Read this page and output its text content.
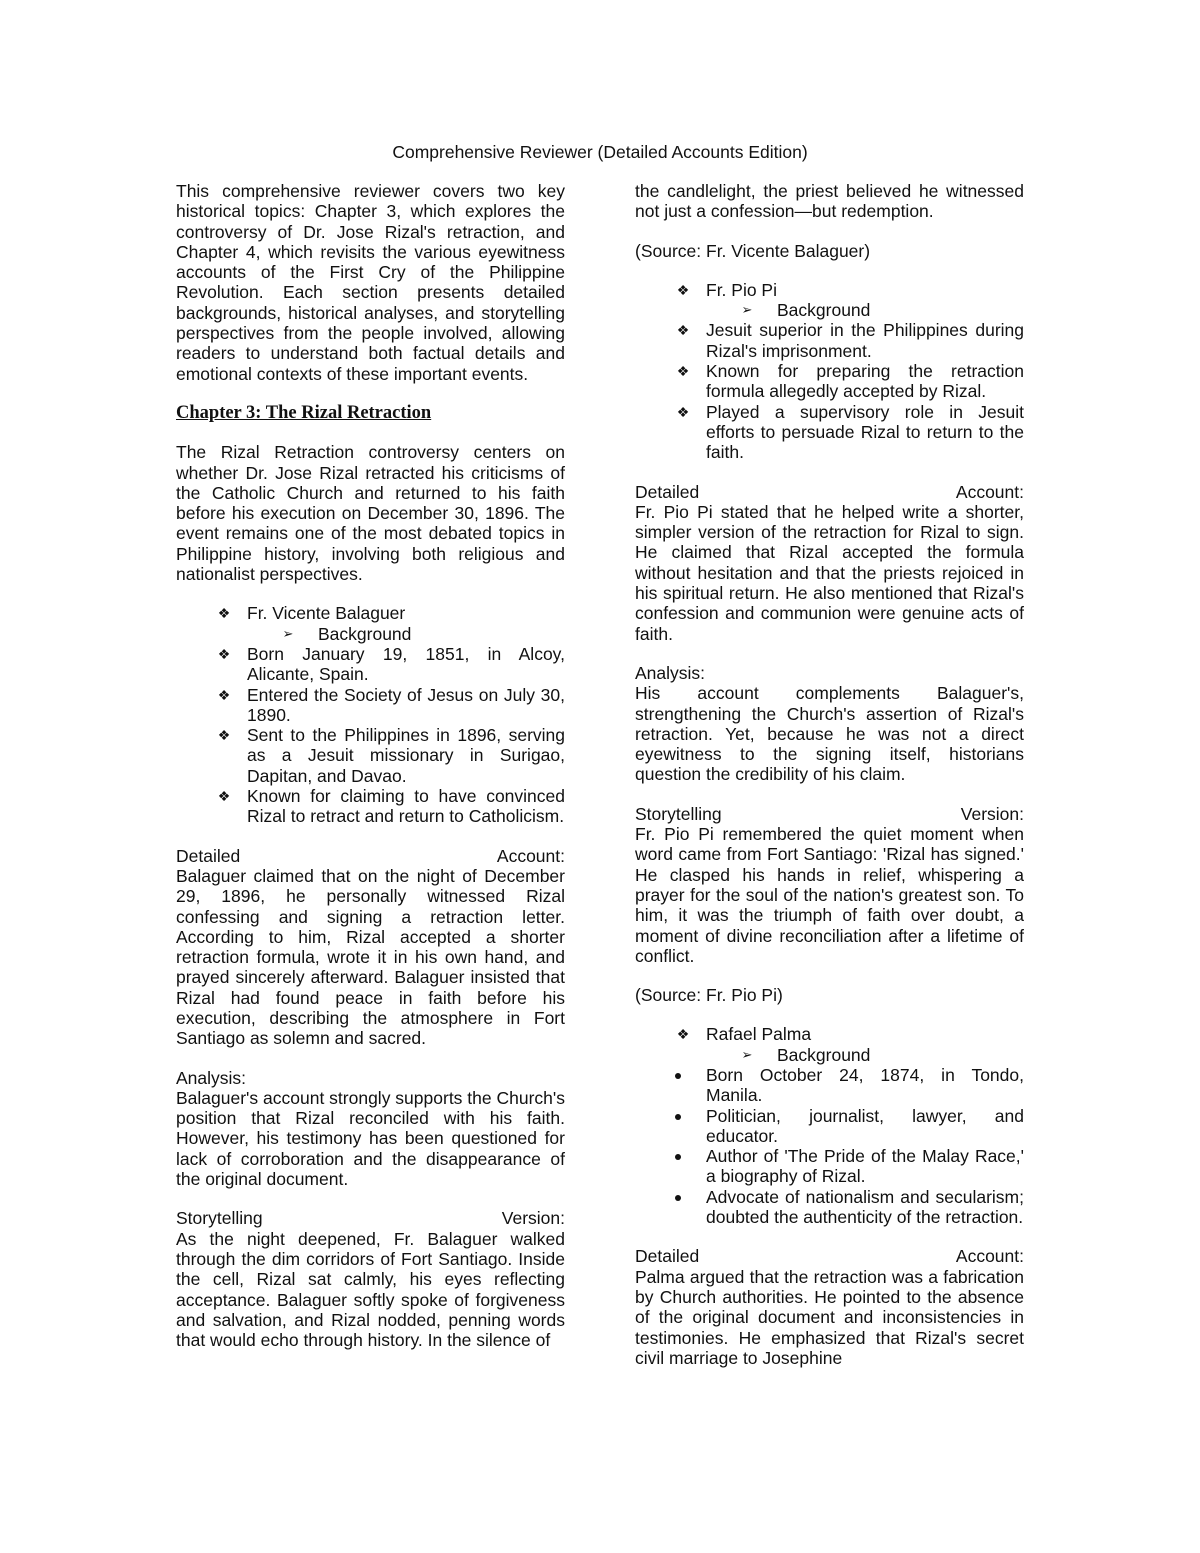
Comprehensive Reviewer (Detailed Accounts Edition)

This comprehensive reviewer covers two key historical topics: Chapter 3, which explores the controversy of Dr. Jose Rizal's retraction, and Chapter 4, which revisits the various eyewitness accounts of the First Cry of the Philippine Revolution. Each section presents detailed backgrounds, historical analyses, and storytelling perspectives from the people involved, allowing readers to understand both factual details and emotional contexts of these important events.

Chapter 3: The Rizal Retraction

The Rizal Retraction controversy centers on whether Dr. Jose Rizal retracted his criticisms of the Catholic Church and returned to his faith before his execution on December 30, 1896. The event remains one of the most debated topics in Philippine history, involving both religious and nationalist perspectives.

❖ Fr. Vicente Balaguer
➢ Background
❖ Born January 19, 1851, in Alcoy, Alicante, Spain.
❖ Entered the Society of Jesus on July 30, 1890.
❖ Sent to the Philippines in 1896, serving as a Jesuit missionary in Surigao, Dapitan, and Davao.
❖ Known for claiming to have convinced Rizal to retract and return to Catholicism.
Detailed	Account:

Balaguer claimed that on the night of December 29, 1896, he personally witnessed Rizal confessing and signing a retraction letter. According to him, Rizal accepted a shorter retraction formula, wrote it in his own hand, and prayed sincerely afterward. Balaguer insisted that Rizal had found peace in faith before his execution, describing the atmosphere in Fort Santiago as solemn and sacred.

Analysis:

Balaguer's account strongly supports the Church's position that Rizal reconciled with his faith. However, his testimony has been questioned for lack of corroboration and the disappearance of the original document.

Storytelling	Version:

As the night deepened, Fr. Balaguer walked through the dim corridors of Fort Santiago. Inside the cell, Rizal sat calmly, his eyes reflecting acceptance. Balaguer softly spoke of forgiveness and salvation, and Rizal nodded, penning words that would echo through history. In the silence of

the candlelight, the priest believed he witnessed not just a confession—but redemption.

(Source: Fr. Vicente Balaguer)

❖ Fr. Pio Pi
➢ Background
❖ Jesuit superior in the Philippines during Rizal's imprisonment.
❖ Known for preparing the retraction formula allegedly accepted by Rizal.
❖ Played a supervisory role in Jesuit efforts to persuade Rizal to return to the faith.
Detailed	Account:

Fr. Pio Pi stated that he helped write a shorter, simpler version of the retraction for Rizal to sign. He claimed that Rizal accepted the formula without hesitation and that the priests rejoiced in his spiritual return. He also mentioned that Rizal's confession and communion were genuine acts of faith.

Analysis:

His account complements Balaguer's, strengthening the Church's assertion of Rizal's retraction. Yet, because he was not a direct eyewitness to the signing itself, historians question the credibility of his claim.

Storytelling	Version:

Fr. Pio Pi remembered the quiet moment when word came from Fort Santiago: 'Rizal has signed.' He clasped his hands in relief, whispering a prayer for the soul of the nation's greatest son. To him, it was the triumph of faith over doubt, a moment of divine reconciliation after a lifetime of conflict.

(Source: Fr. Pio Pi)

❖ Rafael Palma
➢ Background
Born October 24, 1874, in Tondo, Manila.
Politician, journalist, lawyer, and educator.
Author of 'The Pride of the Malay Race,' a biography of Rizal.
Advocate of nationalism and secularism; doubted the authenticity of the retraction.
Detailed	Account:

Palma argued that the retraction was a fabrication by Church authorities. He pointed to the absence of the original document and inconsistencies in testimonies. He emphasized that Rizal's secret civil marriage to Josephine
